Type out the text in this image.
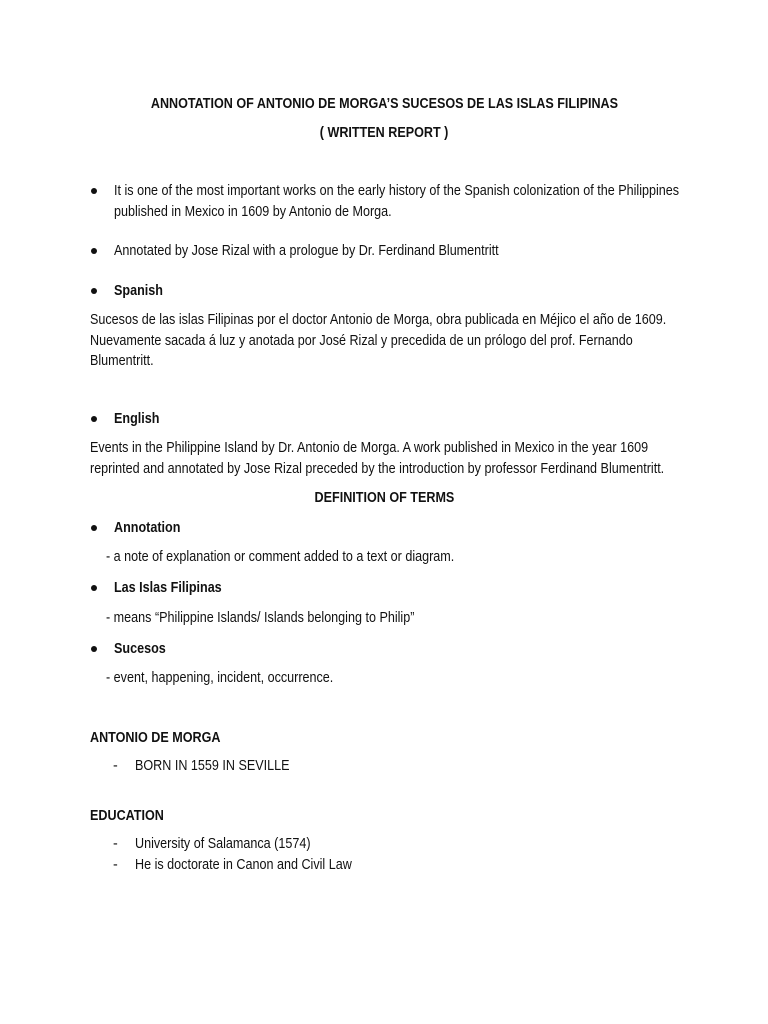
ANNOTATION OF ANTONIO DE MORGA’S SUCESOS DE LAS ISLAS FILIPINAS

( WRITTEN REPORT )

It is one of the most important works on the early history of the Spanish colonization of the Philippines

published in Mexico in 1609 by Antonio de Morga.

Annotated by Jose Rizal with a prologue by Dr. Ferdinand Blumentritt

Spanish

Sucesos de las islas Filipinas por el doctor Antonio de Morga, obra publicada en Méjico el año de 1609.

Nuevamente sacada á luz y anotada por José Rizal y precedida de un prólogo del prof. Fernando

Blumentritt.

English

Events in the Philippine Island by Dr. Antonio de Morga. A work published in Mexico in the year 1609

reprinted and annotated by Jose Rizal preceded by the introduction by professor Ferdinand Blumentritt.

DEFINITION OF TERMS

Annotation

- a note of explanation or comment added to a text or diagram.

Las Islas Filipinas

- means “Philippine Islands/ Islands belonging to Philip”

Sucesos

- event, happening, incident, occurrence.

ANTONIO DE MORGA

- BORN IN 1559 IN SEVILLE

EDUCATION

- University of Salamanca (1574)

- He is doctorate in Canon and Civil Law
